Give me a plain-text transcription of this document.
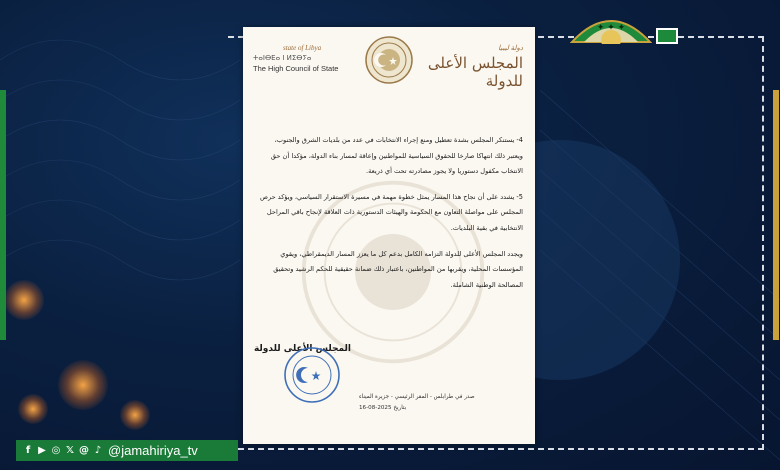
✦ ✦ ✦
state of Libya
ⵜⴰⵏⴱⴹⴰ ⵏ ⵍⵉⴱⵢⴰ
The High Council of State
دولة ليبيا
المجلس الأعلى للدولة

4- يستنكر المجلس بشدة تعطيل ومنع إجراء الانتخابات في عدد من بلديات الشرق والجنوب، ويعتبر ذلك انتهاكا صارخا للحقوق السياسية للمواطنين وإعاقة لمسار بناء الدولة، مؤكدا أن حق الانتخاب مكفول دستوريا ولا يجوز مصادرته تحت أي ذريعة.

5- يشدد على أن نجاح هذا المسار يمثل خطوة مهمة في مسيرة الاستقرار السياسي، ويؤكد حرص المجلس على مواصلة التعاون مع الحكومة والهيئات الدستورية ذات العلاقة لإنجاح باقي المراحل الانتخابية في بقية البلديات.

ويجدد المجلس الأعلى للدولة التزامه الكامل بدعم كل ما يعزز المسار الديمقراطي، ويقوي المؤسسات المحلية، ويقربها من المواطنين، باعتبار ذلك ضمانة حقيقية للحكم الرشيد وتحقيق المصالحة الوطنية الشاملة.

المجلس الأعلى للدولة
صدر في طرابلس - المقر الرئيسي - جزيرة الميناء
بتاريخ 2025-08-16
f ▶ ◎ 𝕏 @ ♪ @jamahiriya_tv
